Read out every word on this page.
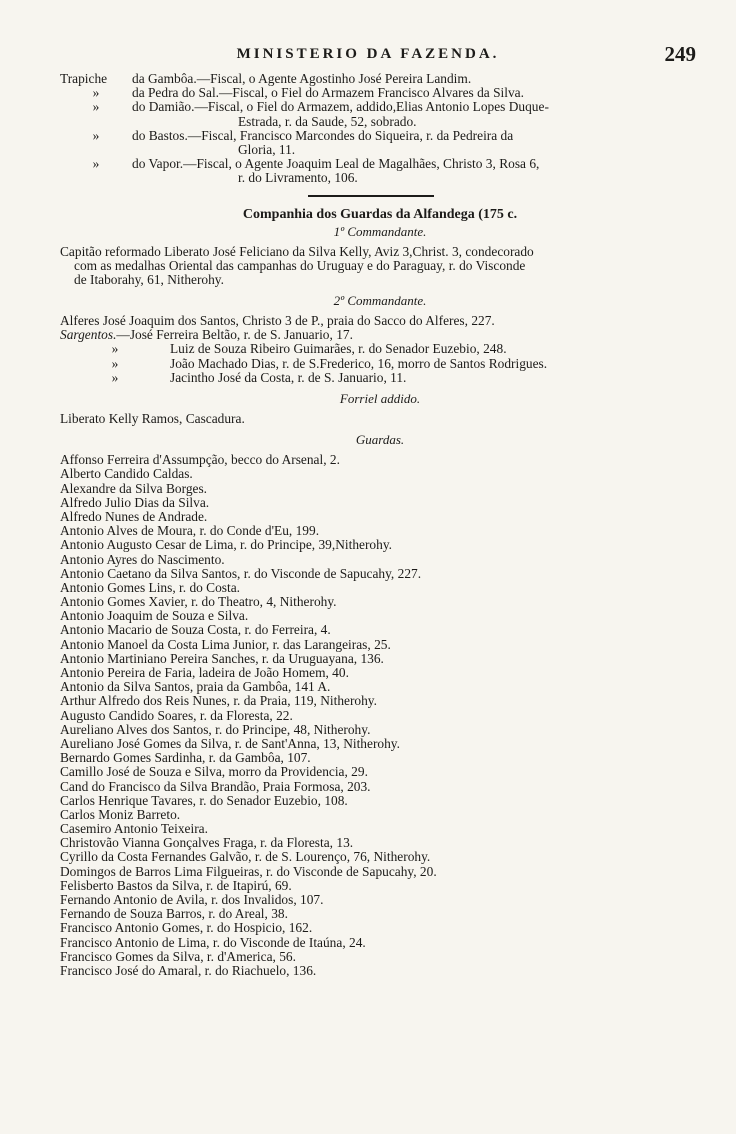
MINISTERIO DA FAZENDA.	249
Trapiche da Gambôa.—Fiscal, o Agente Agostinho José Pereira Landim.
» da Pedra do Sal.—Fiscal, o Fiel do Armazem Francisco Alvares da Silva.
» do Damião.—Fiscal, o Fiel do Armazem, addido,Elias Antonio Lopes Duque-
Estrada, r. da Saude, 52, sobrado.
» do Bastos.—Fiscal, Francisco Marcondes do Siqueira, r. da Pedreira da
Gloria, 11.
» do Vapor.—Fiscal, o Agente Joaquim Leal de Magalhães, Christo 3, Rosa 6,
r. do Livramento, 106.
Companhia dos Guardas da Alfandega (175 c.
1º Commandante.
Capitão reformado Liberato José Feliciano da Silva Kelly, Aviz 3,Christ. 3, condecorado
com as medalhas Oriental das campanhas do Uruguay e do Paraguay, r. do Visconde
de Itaborahy, 61, Nitherohy.
2º Commandante.
Alferes José Joaquim dos Santos, Christo 3 de P., praia do Sacco do Alferes, 227.
Sargentos.—José Ferreira Beltão, r. de S. Januario, 17.
»	Luiz de Souza Ribeiro Guimarães, r. do Senador Euzebio, 248.
»	João Machado Dias, r. de S.Frederico, 16, morro de Santos Rodrigues.
»	Jacintho José da Costa, r. de S. Januario, 11.
Forriel addido.
Liberato Kelly Ramos, Cascadura.
Guardas.
Affonso Ferreira d'Assumpção, becco do Arsenal, 2.
Alberto Candido Caldas.
Alexandre da Silva Borges.
Alfredo Julio Dias da Silva.
Alfredo Nunes de Andrade.
Antonio Alves de Moura, r. do Conde d'Eu, 199.
Antonio Augusto Cesar de Lima, r. do Principe, 39,Nitherohy.
Antonio Ayres do Nascimento.
Antonio Caetano da Silva Santos, r. do Visconde de Sapucahy, 227.
Antonio Gomes Lins, r. do Costa.
Antonio Gomes Xavier, r. do Theatro, 4, Nitherohy.
Antonio Joaquim de Souza e Silva.
Antonio Macario de Souza Costa, r. do Ferreira, 4.
Antonio Manoel da Costa Lima Junior, r. das Larangeiras, 25.
Antonio Martiniano Pereira Sanches, r. da Uruguayana, 136.
Antonio Pereira de Faria, ladeira de João Homem, 40.
Antonio da Silva Santos, praia da Gambôa, 141 A.
Arthur Alfredo dos Reis Nunes, r. da Praia, 119, Nitherohy.
Augusto Candido Soares, r. da Floresta, 22.
Aureliano Alves dos Santos, r. do Principe, 48, Nitherohy.
Aureliano José Gomes da Silva, r. de Sant'Anna, 13, Nitherohy.
Bernardo Gomes Sardinha, r. da Gambôa, 107.
Camillo José de Souza e Silva, morro da Providencia, 29.
Cand do Francisco da Silva Brandão, Praia Formosa, 203.
Carlos Henrique Tavares, r. do Senador Euzebio, 108.
Carlos Moniz Barreto.
Casemiro Antonio Teixeira.
Christovão Vianna Gonçalves Fraga, r. da Floresta, 13.
Cyrillo da Costa Fernandes Galvão, r. de S. Lourenço, 76, Nitherohy.
Domingos de Barros Lima Filgueiras, r. do Visconde de Sapucahy, 20.
Felisberto Bastos da Silva, r. de Itapirú, 69.
Fernando Antonio de Avila, r. dos Invalidos, 107.
Fernando de Souza Barros, r. do Areal, 38.
Francisco Antonio Gomes, r. do Hospicio, 162.
Francisco Antonio de Lima, r. do Visconde de Itaúna, 24.
Francisco Gomes da Silva, r. d'America, 56.
Francisco José do Amaral, r. do Riachuelo, 136.
